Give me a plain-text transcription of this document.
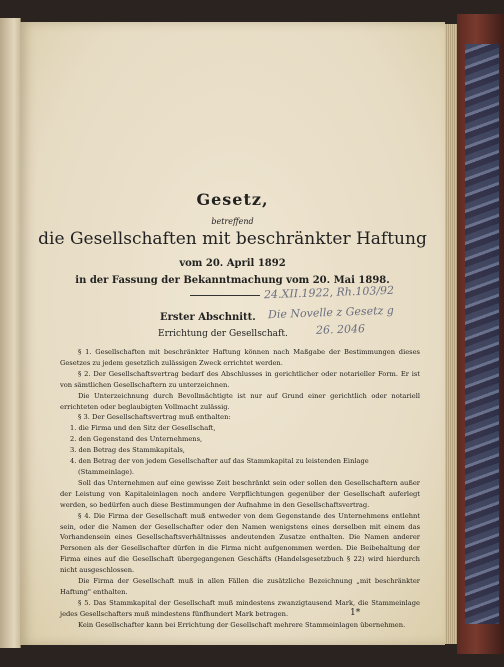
Gesetz,
betreffend
die Gesellschaften mit beschränkter Haftung
vom 20. April 1892
in der Fassung der Bekanntmachung vom 20. Mai 1898.
24.XII.1922, Rh.103/92
Die Novelle z Gesetz g
26. 2046
Erster Abschnitt.
Errichtung der Gesellschaft.

§ 1. Gesellschaften mit beschränkter Haftung können nach Maßgabe der Bestimmungen dieses Gesetzes zu jedem gesetzlich zulässigen Zweck errichtet werden.

§ 2. Der Gesellschaftsvertrag bedarf des Abschlusses in gerichtlicher oder notarieller Form. Er ist von sämtlichen Gesellschaftern zu unterzeichnen.

Die Unterzeichnung durch Bevollmächtigte ist nur auf Grund einer gerichtlich oder notariell errichteten oder beglaubigten Vollmacht zulässig.

§ 3. Der Gesellschaftsvertrag muß enthalten:

1. die Firma und den Sitz der Gesellschaft,

2. den Gegenstand des Unternehmens,

3. den Betrag des Stammkapitals,

4. den Betrag der von jedem Gesellschafter auf das Stammkapital zu leistenden Einlage

(Stammeinlage).

Soll das Unternehmen auf eine gewisse Zeit beschränkt sein oder sollen den Gesellschaftern außer der Leistung von Kapitaleinlagen noch andere Verpflichtungen gegenüber der Gesellschaft auferlegt werden, so bedürfen auch diese Bestimmungen der Aufnahme in den Gesellschaftsvertrag.

§ 4. Die Firma der Gesellschaft muß entweder von dem Gegenstande des Unternehmens entlehnt sein, oder die Namen der Gesellschafter oder den Namen wenigstens eines derselben mit einem das Vorhandensein eines Gesellschaftsverhältnisses andeutenden Zusatze enthalten. Die Namen anderer Personen als der Gesellschafter dürfen in die Firma nicht aufgenommen werden. Die Beibehaltung der Firma eines auf die Gesellschaft übergegangenen Geschäfts (Handelsgesetzbuch § 22) wird hierdurch nicht ausgeschlossen.

Die Firma der Gesellschaft muß in allen Fällen die zusätzliche Bezeichnung „mit beschränkter Haftung" enthalten.

§ 5. Das Stammkapital der Gesellschaft muß mindestens zwanzigtausend Mark, die Stammeinlage jedes Gesellschafters muß mindestens fünfhundert Mark betragen.

Kein Gesellschafter kann bei Errichtung der Gesellschaft mehrere Stammeinlagen übernehmen.

1*
